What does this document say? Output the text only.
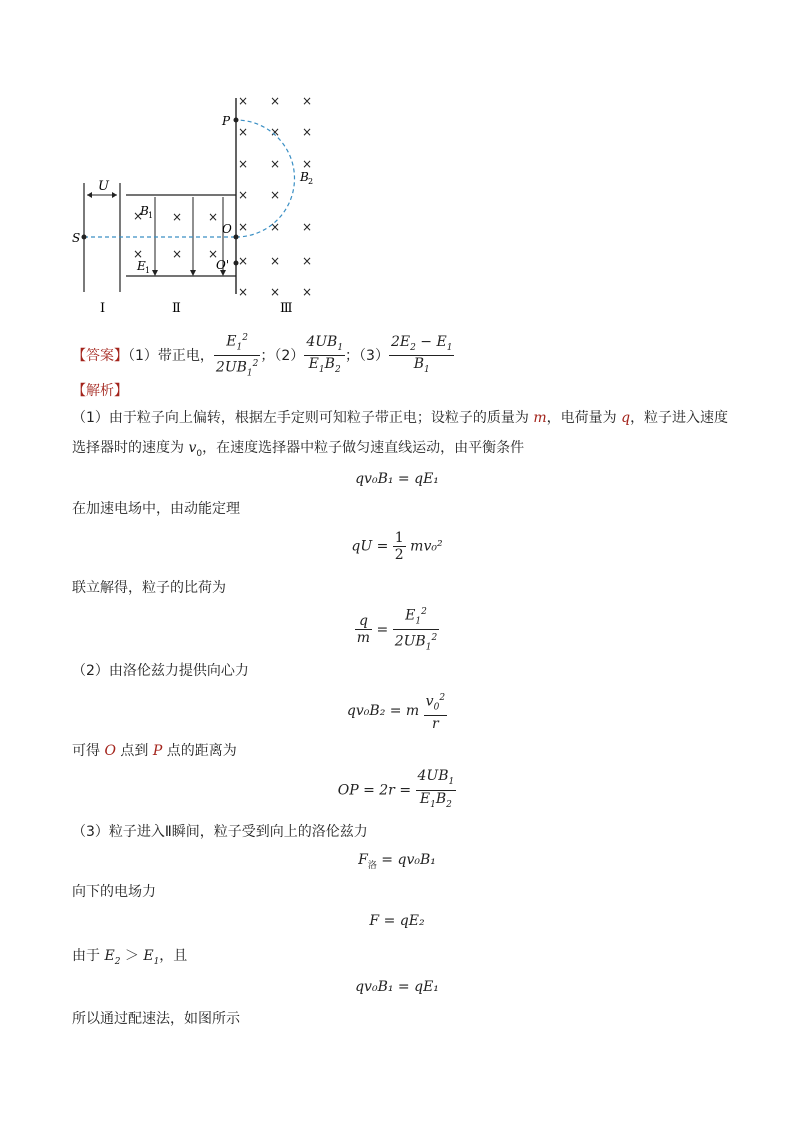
U
× × ×
× × ×
B 1
E 1
× × ×
× × ×
× × ×
× ×
× × ×
× × ×
× × ×
S
P
O
O'
B 2
Ⅰ	Ⅱ	Ⅲ
【答案】（1）带正电， $\frac{E_1^2}{2UB_1^2}$ ；$(2) \frac{4UB_1}{E_1B_2}$ ；$(3) \frac{2E_2 - E_1}{B_1}$
【解析】
（1）由于粒子向上偏转，根据左手定则可知粒子带正电；设粒子的质量为 m，电荷量为 q，粒子进入速度
选择器时的速度为 $v_0$，在速度选择器中粒子做匀速直线运动，由平衡条件
qv₀B₁ = qE₁
在加速电场中，由动能定理
qU = $\frac{1}{2} mv_0^2$
联立解得，粒子的比荷为
$\frac{q}{m} = \frac{E_1^2}{2UB_1^2}$
（2）由洛伦兹力提供向心力
qv₀B₂ = m $\frac{v_0^2}{r}$
可得 O 点到 P 点的距离为
OP = $2r = \frac{4UB_1}{E_1B_2}$
（3）粒子进入Ⅱ瞬间，粒子受到向上的洛伦兹力
$F_洛 = qv_0B_1$
向下的电场力
F = qE₂
由于 $E_2 > E_1$，且
qv₀B₁ = qE₁
所以通过配速法，如图所示
